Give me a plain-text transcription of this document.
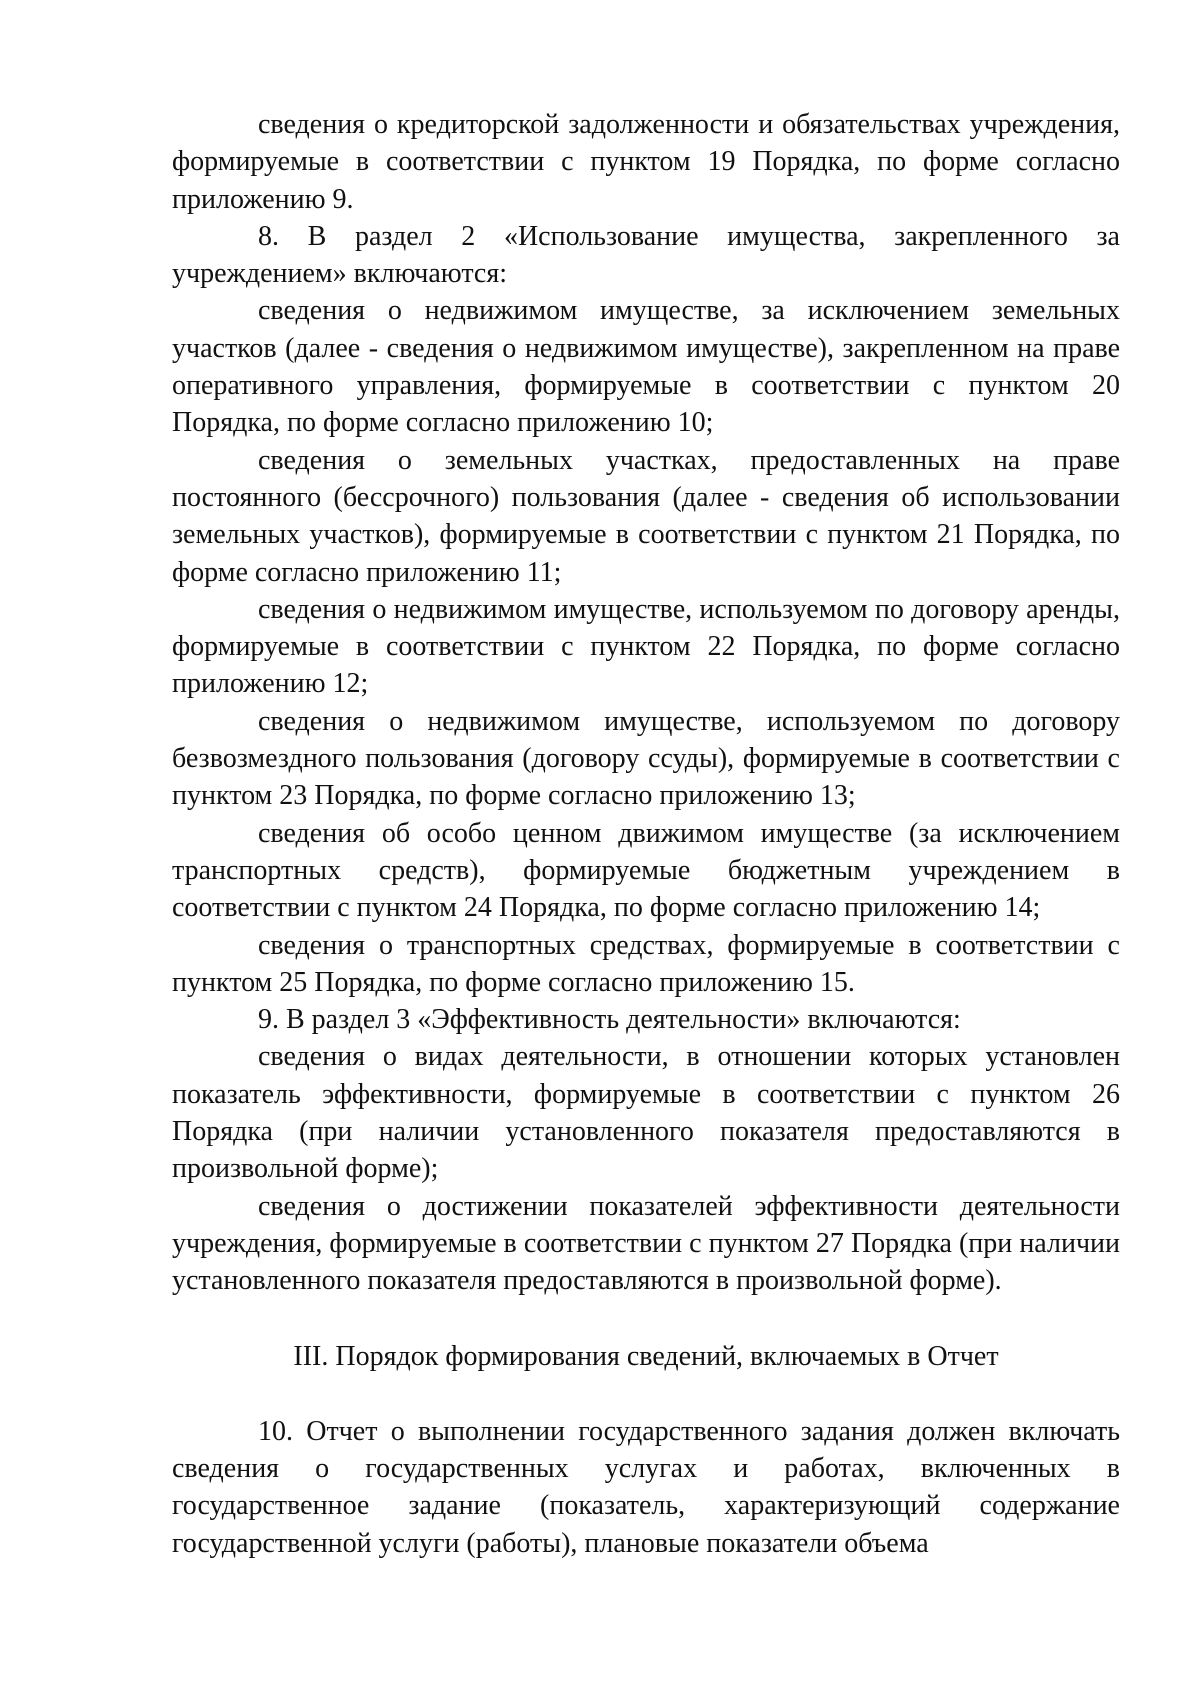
сведения о кредиторской задолженности и обязательствах учреждения, формируемые в соответствии с пунктом 19 Порядка, по форме согласно приложению 9.

8. В раздел 2 «Использование имущества, закрепленного за учреждением» включаются:

сведения о недвижимом имуществе, за исключением земельных участков (далее - сведения о недвижимом имуществе), закрепленном на праве оперативного управления, формируемые в соответствии с пунктом 20 Порядка, по форме согласно приложению 10;

сведения о земельных участках, предоставленных на праве постоянного (бессрочного) пользования (далее - сведения об использовании земельных участков), формируемые в соответствии с пунктом 21 Порядка, по форме согласно приложению 11;

сведения о недвижимом имуществе, используемом по договору аренды, формируемые в соответствии с пунктом 22 Порядка, по форме согласно приложению 12;

сведения о недвижимом имуществе, используемом по договору безвозмездного пользования (договору ссуды), формируемые в соответствии с пунктом 23 Порядка, по форме согласно приложению 13;

сведения об особо ценном движимом имуществе (за исключением транспортных средств), формируемые бюджетным учреждением в соответствии с пунктом 24 Порядка, по форме согласно приложению 14;

сведения о транспортных средствах, формируемые в соответствии с пунктом 25 Порядка, по форме согласно приложению 15.

9. В раздел 3 «Эффективность деятельности» включаются:

сведения о видах деятельности, в отношении которых установлен показатель эффективности, формируемые в соответствии с пунктом 26 Порядка (при наличии установленного показателя предоставляются в произвольной форме);

сведения о достижении показателей эффективности деятельности учреждения, формируемые в соответствии с пунктом 27 Порядка (при наличии установленного показателя предоставляются в произвольной форме).

III. Порядок формирования сведений, включаемых в Отчет

10. Отчет о выполнении государственного задания должен включать сведения о государственных услугах и работах, включенных в государственное задание (показатель, характеризующий содержание государственной услуги (работы), плановые показатели объема
